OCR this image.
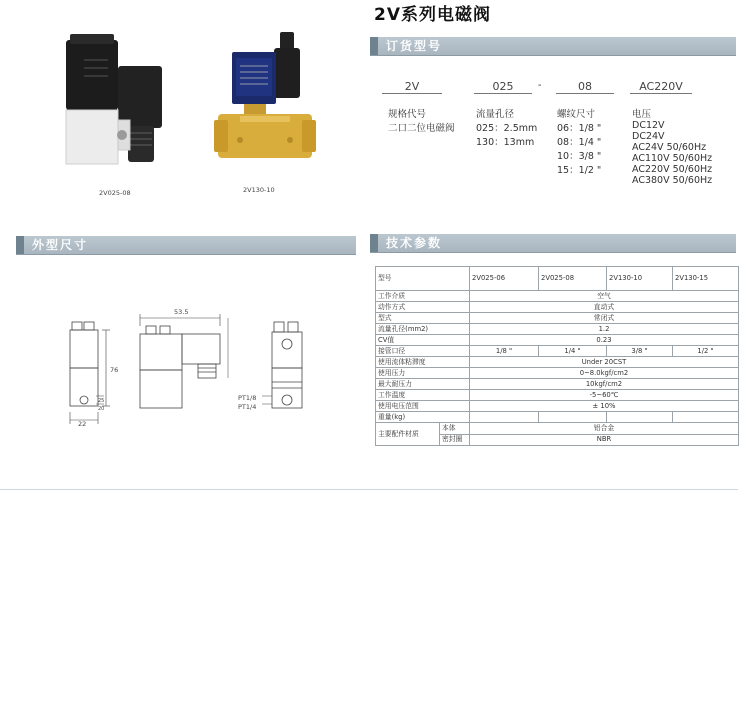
2V系列电磁阀
2V025-08	2V130-10
订货型号
2V	025	-	08	AC220V
规格代号
二口二位电磁阀
流量孔径
025：2.5mm
130：13mm
螺纹尺寸
06：1/8 "
08：1/4 "
10：3/8 "
15：1/2 "
电压
DC12V
DC24V
AC24V 50/60Hz
AC110V 50/60Hz
AC220V 50/60Hz
AC380V 50/60Hz
外型尺寸
53.5
76
25
20
22
PT1/8
PT1/4
技术参数
型号		2V025-06	2V025-08	2V130-10	2V130-15
工作介质		空气			
动作方式		直动式			
型式		常闭式			
流量孔径(mm2)		1.2			
CV值		0.23			
接管口径		1/8 "	1/4 "	3/8 "	1/2 "
使用流体粘滞度		Under 20CST			
使用压力		0~8.0kgf/cm2			
最大耐压力		10kgf/cm2			
工作温度		-5~60℃			
使用电压范围		± 10%			
重量(kg)					
主要配件材质	本体	铝合金			
	密封圈	NBR			
